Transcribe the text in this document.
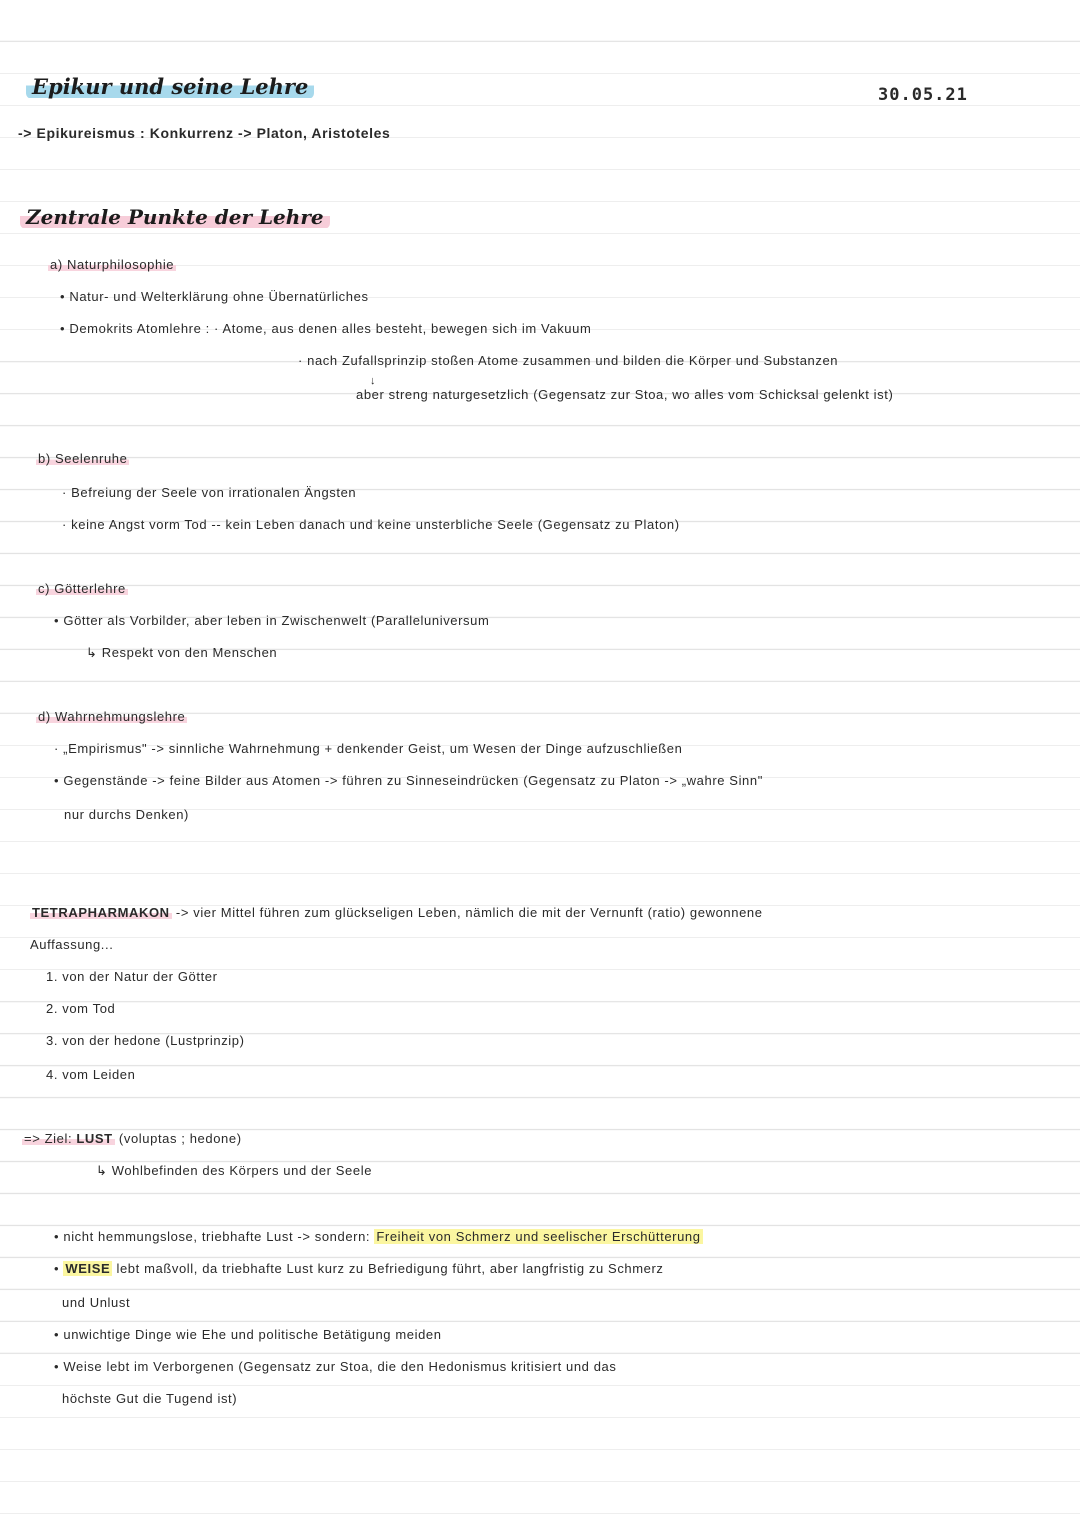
Epikur und seine Lehre	30.05.21
-> Epikureismus : Konkurrenz -> Platon, Aristoteles
Zentrale Punkte der Lehre
a) Naturphilosophie
• Natur- und Welterklärung ohne Übernatürliches
• Demokrits Atomlehre : · Atome, aus denen alles besteht, bewegen sich im Vakuum
· nach Zufallsprinzip stoßen Atome zusammen und bilden die Körper und Substanzen
↓
aber streng naturgesetzlich (Gegensatz zur Stoa, wo alles vom Schicksal gelenkt ist)
b) Seelenruhe
· Befreiung der Seele von irrationalen Ängsten
· keine Angst vorm Tod -- kein Leben danach und keine unsterbliche Seele (Gegensatz zu Platon)
c) Götterlehre
• Götter als Vorbilder, aber leben in Zwischenwelt (Paralleluniversum
↳ Respekt von den Menschen
d) Wahrnehmungslehre
· „Empirismus" -> sinnliche Wahrnehmung + denkender Geist, um Wesen der Dinge aufzuschließen
• Gegenstände -> feine Bilder aus Atomen -> führen zu Sinneseindrücken (Gegensatz zu Platon -> „wahre Sinn"
nur durchs Denken)
TETRAPHARMAKON -> vier Mittel führen zum glückseligen Leben, nämlich die mit der Vernunft (ratio) gewonnene
Auffassung...
1. von der Natur der Götter
2. vom Tod
3. von der hedone (Lustprinzip)
4. vom Leiden
=> Ziel: LUST (voluptas ; hedone)
↳ Wohlbefinden des Körpers und der Seele
• nicht hemmungslose, triebhafte Lust -> sondern: Freiheit von Schmerz und seelischer Erschütterung
• WEISE lebt maßvoll, da triebhafte Lust kurz zu Befriedigung führt, aber langfristig zu Schmerz
und Unlust
• unwichtige Dinge wie Ehe und politische Betätigung meiden
• Weise lebt im Verborgenen (Gegensatz zur Stoa, die den Hedonismus kritisiert und das
höchste Gut die Tugend ist)
